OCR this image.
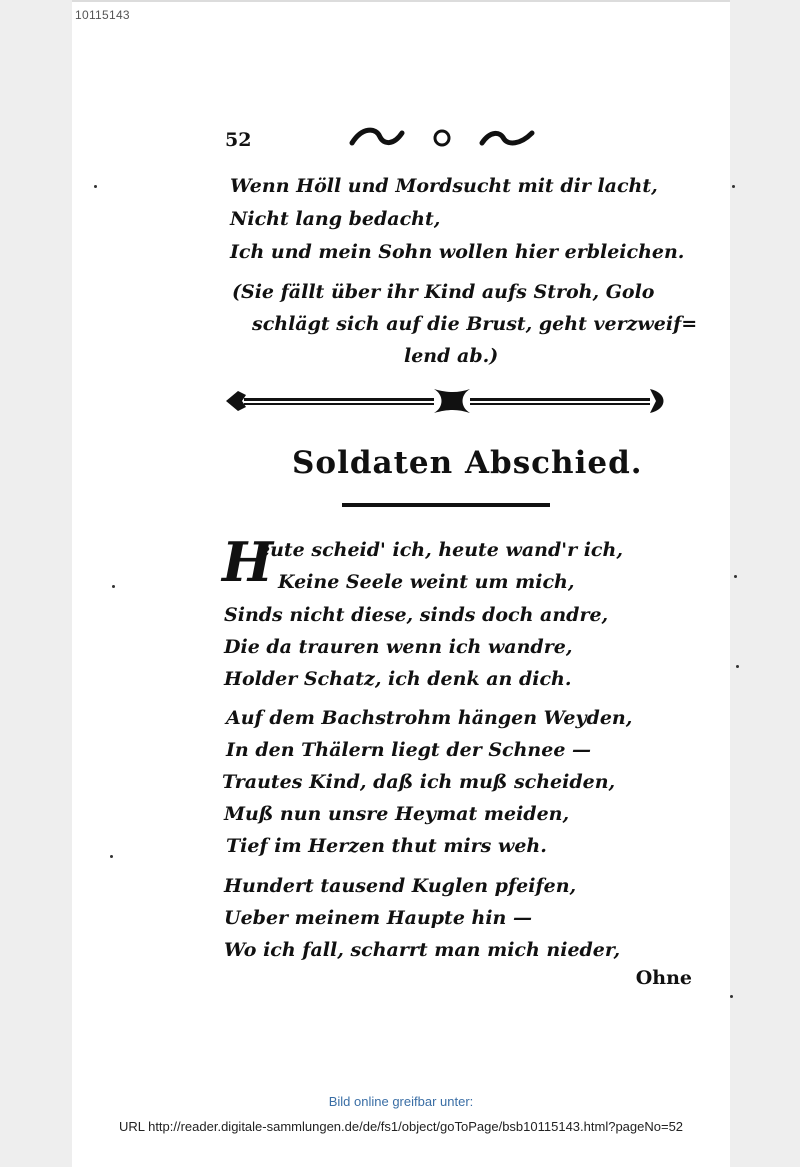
10115143
52
Wenn Höll und Mordsucht mit dir lacht,
Nicht lang bedacht,
Ich und mein Sohn wollen hier erbleichen.
(Sie fällt über ihr Kind aufs Stroh, Golo
schlägt sich auf die Brust, geht verzweif=
lend ab.)
Soldaten Abschied.
H
eute scheid' ich, heute wand'r ich,
Keine Seele weint um mich,
Sinds nicht diese, sinds doch andre,
Die da trauren wenn ich wandre,
Holder Schatz, ich denk an dich.
Auf dem Bachstrohm hängen Weyden,
In den Thälern liegt der Schnee —
Trautes Kind, daß ich muß scheiden,
Muß nun unsre Heymat meiden,
Tief im Herzen thut mirs weh.
Hundert tausend Kuglen pfeifen,
Ueber meinem Haupte hin —
Wo ich fall, scharrt man mich nieder,
Ohne
Bild online greifbar unter:
URL http://reader.digitale-sammlungen.de/de/fs1/object/goToPage/bsb10115143.html?pageNo=52
